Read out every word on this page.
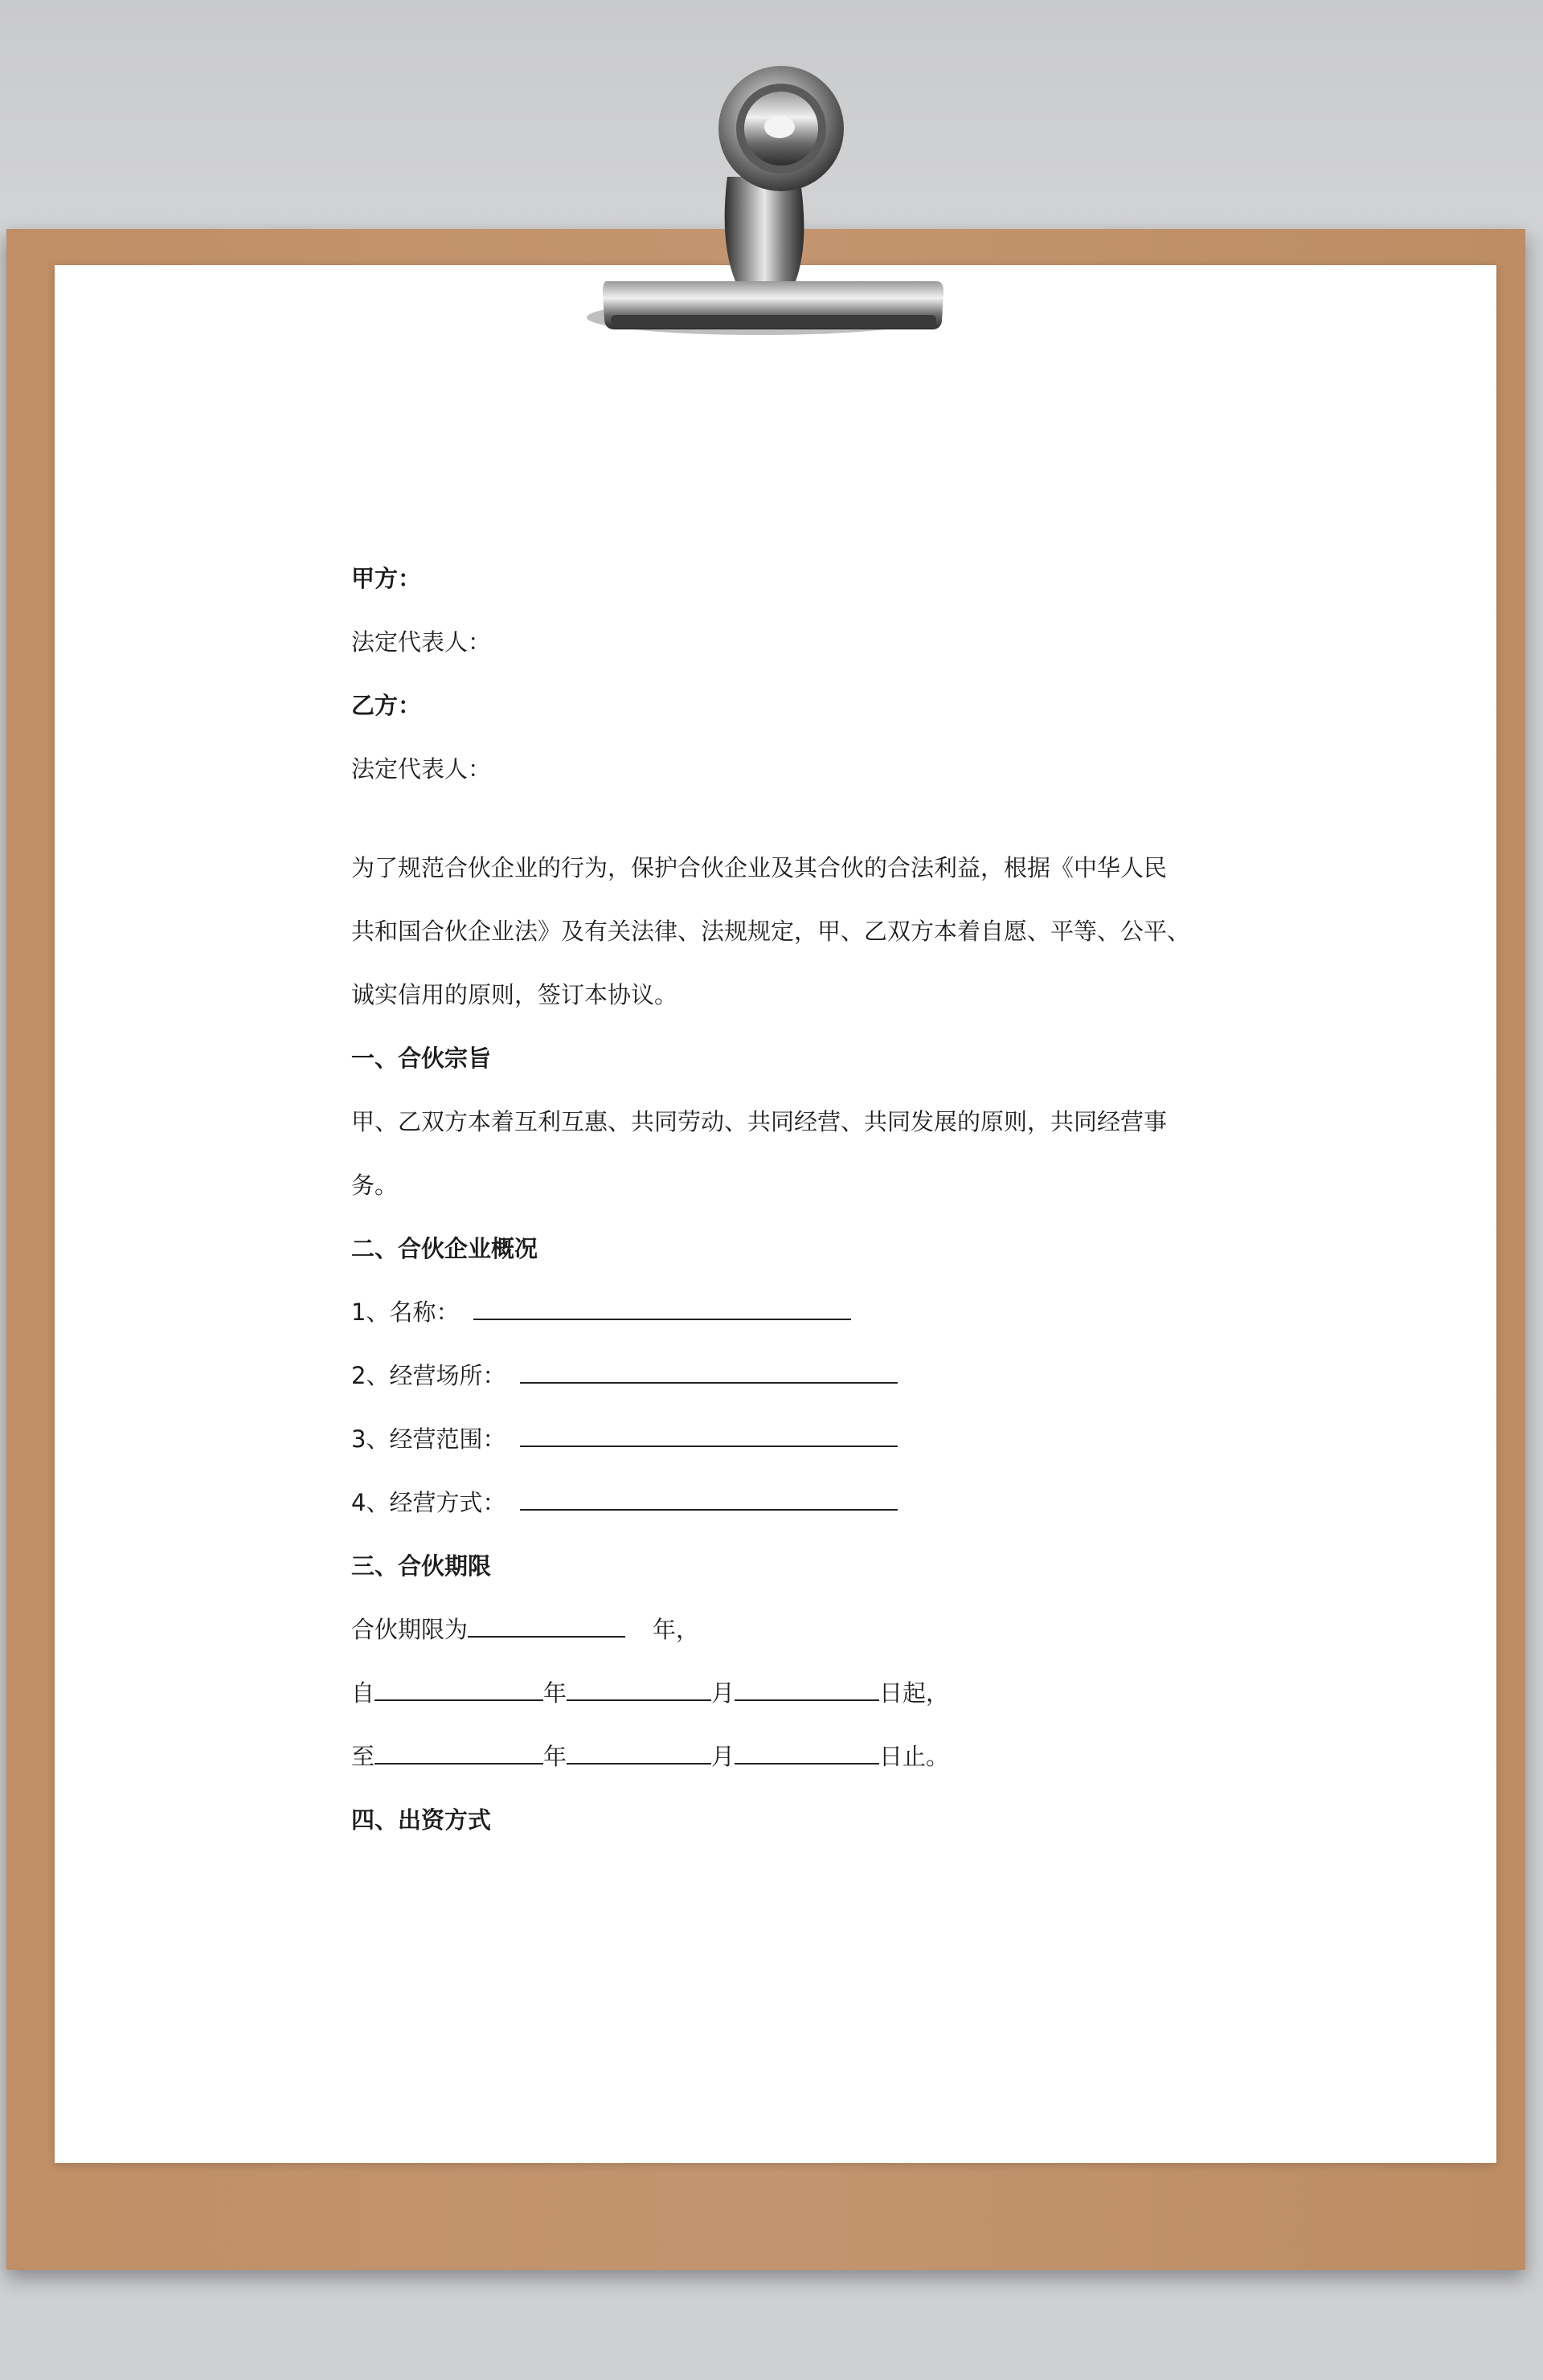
甲方：
法定代表人：
乙方：
法定代表人：
为了规范合伙企业的行为，保护合伙企业及其合伙的合法利益，根据《中华人民
共和国合伙企业法》及有关法律、法规规定，甲、乙双方本着自愿、平等、公平、
诚实信用的原则，签订本协议。
一、合伙宗旨
甲、乙双方本着互利互惠、共同劳动、共同经营、共同发展的原则，共同经营事
务。
二、合伙企业概况
1、名称：
2、经营场所：
3、经营范围：
4、经营方式：
三、合伙期限
合伙期限为	年，
自	年	月	日起，
至	年	月	日止。
四、出资方式
